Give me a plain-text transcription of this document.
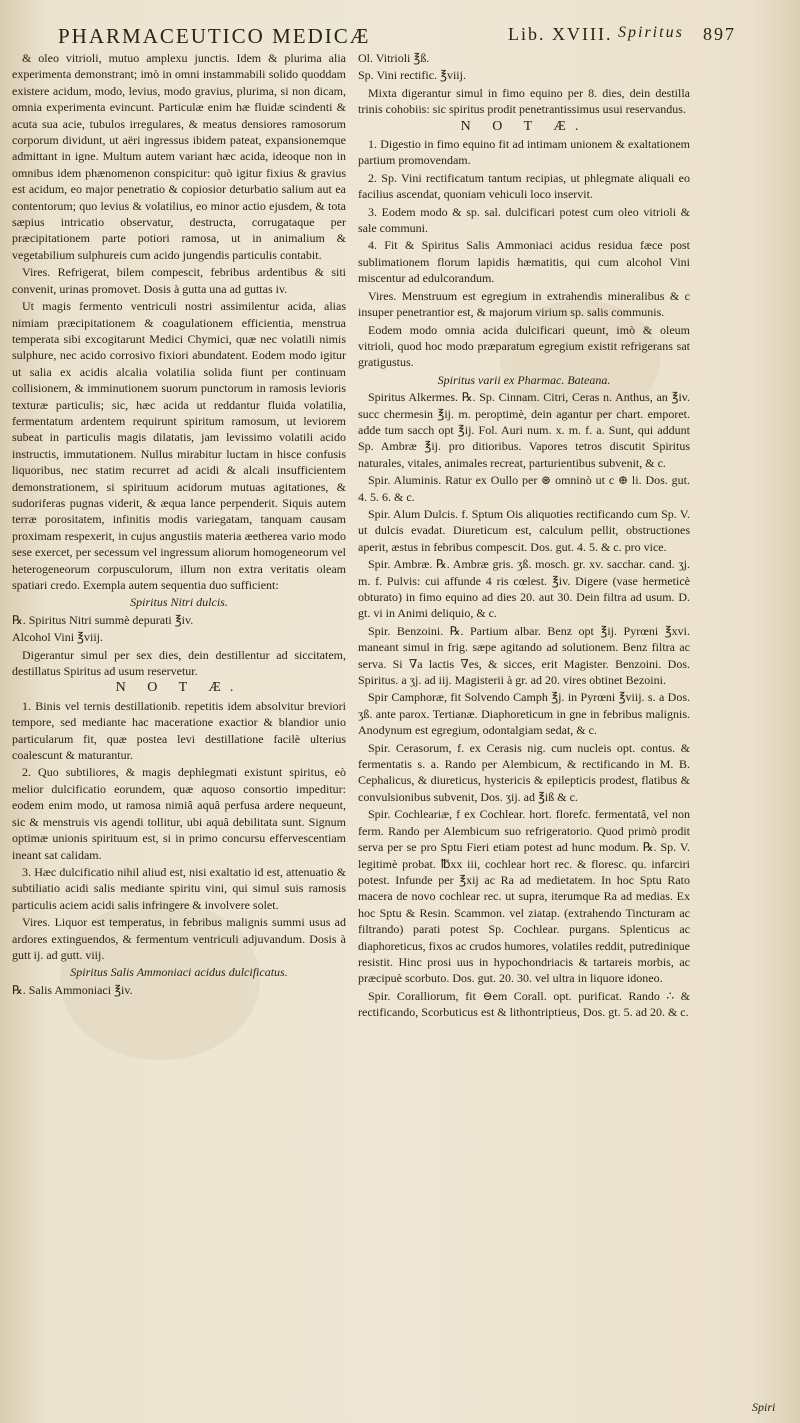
PHARMACEUTICO MEDICÆ	Lib. XVIII. Spiritus 897

& oleo vitrioli, mutuo amplexu junctis. Idem & plurima alia experimenta demonstrant; imò in omni instammabili solido quoddam existere acidum, modo, levius, modo gravius, plurima, si non dicam, omnia experimenta evincunt. Particulæ enim hæ fluidæ scindenti & acuta sua acie, tubulos irregulares, & meatus densiores ramosorum corporum dividunt, ut aëri ingressus ibidem pateat, expansionemque admittant in igne. Multum autem variant hæc acida, ideoque non in omnibus idem phænomenon conspicitur: quò igitur fixius & gravius est acidum, eo major penetratio & copiosior deturbatio salium aut ea contentorum; quo levius & volatilius, eo minor actio ejusdem, & tota sæpius intricatio observatur, destructa, corrugataque per præcipitationem parte potiori ramosa, ut in animalium & vegetabilium sulphureis cum acido jungendis particulis contabit.

Vires. Refrigerat, bilem compescit, febribus ardentibus & siti convenit, urinas promovet. Dosis à gutta una ad guttas iv.

Ut magis fermento ventriculi nostri assimilentur acida, alias nimiam præcipitationem & coagulationem efficientia, menstrua temperata sibi excogitarunt Medici Chymici, quæ nec volatili nimis sulphure, nec acido corrosivo fixiori abundatent. Eodem modo igitur ut salia ex acidis alcalia volatilia solida fiunt per continuam collisionem, & imminutionem suorum punctorum in ramosis levioris texturæ particulis; sic, hæc acida ut reddantur fluida volatilia, fermentatum ardentem requirunt spiritum ramosum, ut leviorem subeat in particulis magis dilatatis, jam levissimo volatili acido instructis, immutationem. Nullus mirabitur luctam in hisce confusis liquoribus, nec statim recurret ad acidi & alcali insufficientem demonstrationem, si spirituum acidorum mutuas agitationes, & sudoriferas pugnas viderit, & æqua lance perpenderit. Siquis autem terræ porositatem, infinitis modis variegatam, tanquam causam proximam respexerit, in cujus angustiis materia æetherea vario modo sese exercet, per secessum vel ingressum aliorum homogeneorum vel heterogeneorum corpusculorum, illum non extra veritatis oleam spatiari credo. Exempla autem sequentia duo sufficient:

Spiritus Nitri dulcis.

℞. Spiritus Nitri summè depurati ℥iv.

Alcohol Vini ℥viij.

Digerantur simul per sex dies, dein destillentur ad siccitatem, destillatus Spiritus ad usum reservetur.

N O T Æ.

1. Binis vel ternis destillationib. repetitis idem absolvitur breviori tempore, sed mediante hac maceratione exactior & blandior unio particularum fit, quæ postea levi destillatione facilè ulterius coalescunt & maturantur.

2. Quo subtiliores, & magis dephlegmati existunt spiritus, eò melior dulcificatio eorundem, quæ aquoso consortio impeditur: eodem enim modo, ut ramosa nimiâ aquâ perfusa ardere nequeunt, sic & menstruis vis agendi tollitur, ubi aquâ debilitata sunt. Signum optimæ unionis spirituum est, si in primo concursu effervescentiam ineant sat calidam.

3. Hæc dulcificatio nihil aliud est, nisi exaltatio id est, attenuatio & subtiliatio acidi salis mediante spiritu vini, qui simul suis ramosis particulis aciem acidi salis infringere & involvere solet.

Vires. Liquor est temperatus, in febribus malignis summi usus ad ardores extinguendos, & fermentum ventriculi adjuvandum. Dosis à gutt ij. ad gutt. viij.

Spiritus Salis Ammoniaci acidus dulcificatus.

℞. Salis Ammoniaci ℥iv.

Ol. Vitrioli ℥ß.

Sp. Vini rectific. ℥viij.

Mixta digerantur simul in fimo equino per 8. dies, dein destilla trinis cohobiis: sic spiritus prodit penetrantissimus usui reservandus.

N O T Æ.

1. Digestio in fimo equino fit ad intimam unionem & exaltationem partium promovendam.

2. Sp. Vini rectificatum tantum recipias, ut phlegmate aliquali eo facilius ascendat, quoniam vehiculi loco inservit.

3. Eodem modo & sp. sal. dulcificari potest cum oleo vitrioli & sale communi.

4. Fit & Spiritus Salis Ammoniaci acidus residua fæce post sublimationem florum lapidis hæmatitis, qui cum alcohol Vini miscentur ad edulcorandum.

Vires. Menstruum est egregium in extrahendis mineralibus & c insuper penetrantior est, & majorum virium sp. salis communis.

Eodem modo omnia acida dulcificari queunt, imò & oleum vitrioli, quod hoc modo præparatum egregium existit refrigerans sat gratigustus.

Spiritus varii ex Pharmac. Bateana.

Spiritus Alkermes. ℞. Sp. Cinnam. Citri, Ceras n. Anthus, an ℥iv. succ chermesin ℥ij. m. peroptimè, dein agantur per chart. emporet. adde tum sacch opt ℥ij. Fol. Auri num. x. m. f. a. Sunt, qui addunt Sp. Ambræ ℥ij. pro ditioribus. Vapores tetros discutit Spiritus naturales, vitales, animales recreat, parturientibus subvenit, & c.

Spir. Aluminis. Ratur ex Oullo per ⊛ omninò ut c ⊕ li. Dos. gut. 4. 5. 6. & c.

Spir. Alum Dulcis. f. Sptum Ois aliquoties rectificando cum Sp. V. ut dulcis evadat. Diureticum est, calculum pellit, obstructiones aperit, æstus in febribus compescit. Dos. gut. 4. 5. & c. pro vice.

Spir. Ambræ. ℞. Ambræ gris. ʒß. mosch. gr. xv. sacchar. cand. ʒj. m. f. Pulvis: cui affunde 4 ris cœlest. ℥iv. Digere (vase hermeticè obturato) in fimo equino ad dies 20. aut 30. Dein filtra ad usum. D. gt. vi in Animi deliquio, & c.

Spir. Benzoini. ℞. Partium albar. Benz opt ℥ij. Pyrœni ℥xvi. maneant simul in frig. sæpe agitando ad solutionem. Benz filtra ac serva. Si ∇a lactis ∇es, & sicces, erit Magister. Benzoini. Dos. Spiritus. a ʒj. ad iij. Magisterii à gr. ad 20. vires obtinet Bezoini.

Spir Camphoræ, fit Solvendo Camph ℥j. in Pyrœni ℥viij. s. a Dos. ʒß. ante parox. Tertianæ. Diaphoreticum in gne in febribus malignis. Anodynum est egregium, odontalgiam sedat, & c.

Spir. Cerasorum, f. ex Cerasis nig. cum nucleis opt. contus. & fermentatis s. a. Rando per Alembicum, & rectificando in M. B. Cephalicus, & diureticus, hystericis & epilepticis prodest, flatibus & convulsionibus subvenit, Dos. ʒij. ad ℥iß & c.

Spir. Cochleariæ, f ex Cochlear. hort. florefc. fermentatâ, vel non ferm. Rando per Alembicum suo refrigeratorio. Quod primò prodit serva per se pro Sptu Fieri etiam potest ad hunc modum. ℞. Sp. V. legitimè probat. ℔xx iii, cochlear hort rec. & floresc. qu. infarciri potest. Infunde per ℥xij ac Ra ad medietatem. In hoc Sptu Rato macera de novo cochlear rec. ut supra, iterumque Ra ad medias. Ex hoc Sptu & Resin. Scammon. vel ziatap. (extrahendo Tincturam ac filtrando) parati potest Sp. Cochlear. purgans. Splenticus ac diaphoreticus, fixos ac crudos humores, volatiles reddit, putredinique resistit. Hinc prosi uus in hypochondriacis & tartareis morbis, ac præcipuè scorbuto. Dos. gut. 20. 30. vel ultra in liquore idoneo.

Spir. Coralliorum, fit ⊖em Corall. opt. purificat. Rando ∴ & rectificando, Scorbuticus est & lithontriptieus, Dos. gt. 5. ad 20. & c.

Spiri
